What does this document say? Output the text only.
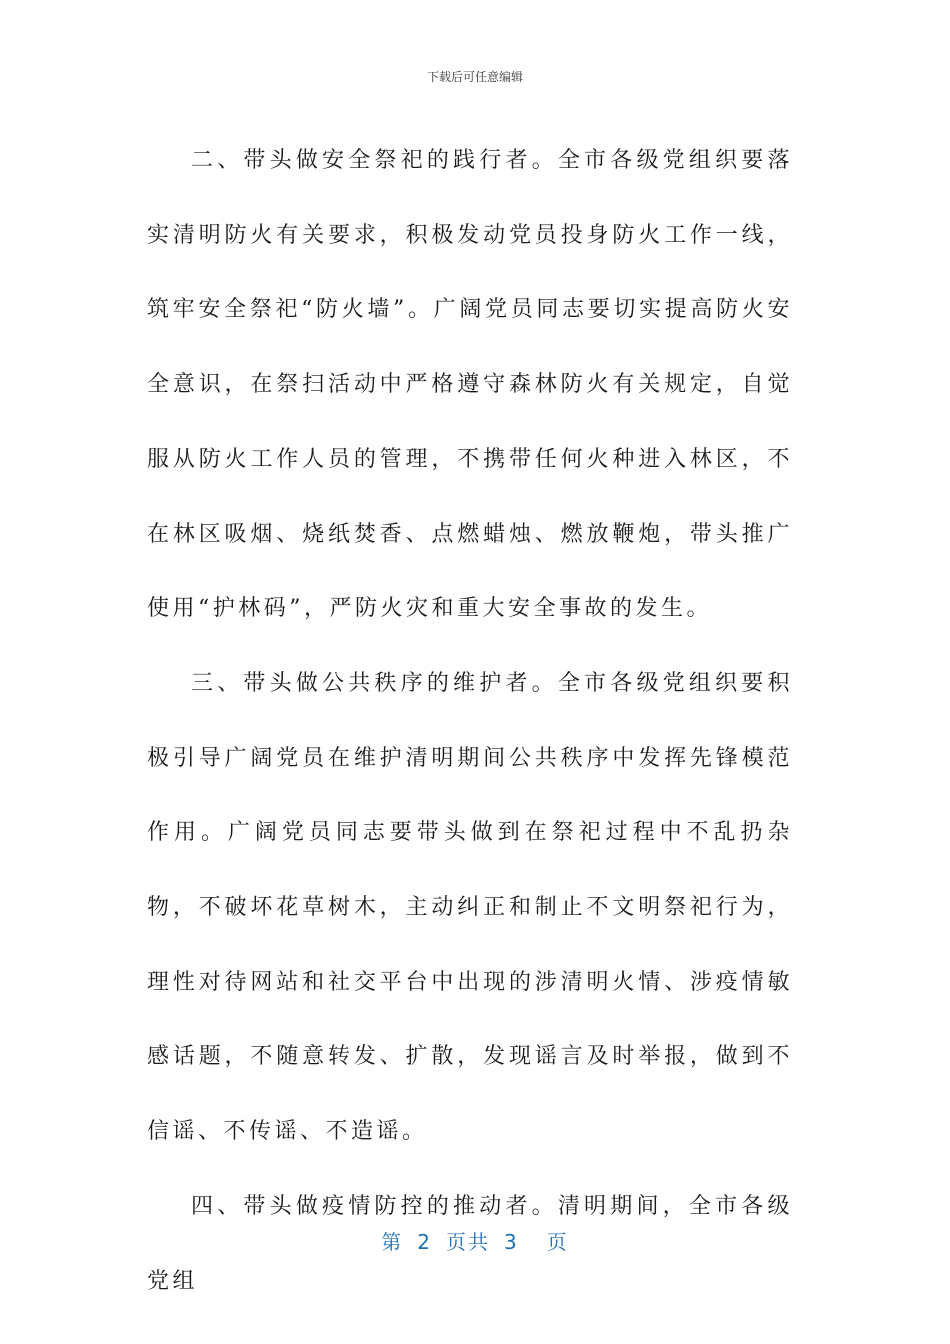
下载后可任意编辑

二、带头做安全祭祀的践行者。全市各级党组织要落实清明防火有关要求，积极发动党员投身防火工作一线，筑牢安全祭祀“防火墙”。广阔党员同志要切实提高防火安全意识，在祭扫活动中严格遵守森林防火有关规定，自觉服从防火工作人员的管理，不携带任何火种进入林区，不在林区吸烟、烧纸焚香、点燃蜡烛、燃放鞭炮，带头推广使用“护林码”，严防火灾和重大安全事故的发生。

三、带头做公共秩序的维护者。全市各级党组织要积极引导广阔党员在维护清明期间公共秩序中发挥先锋模范作用。广阔党员同志要带头做到在祭祀过程中不乱扔杂物，不破坏花草树木，主动纠正和制止不文明祭祀行为，理性对待网站和社交平台中出现的涉清明火情、涉疫情敏感话题，不随意转发、扩散，发现谣言及时举报，做到不信谣、不传谣、不造谣。

四、带头做疫情防控的推动者。清明期间，全市各级党组

第 2 页共 3 页
